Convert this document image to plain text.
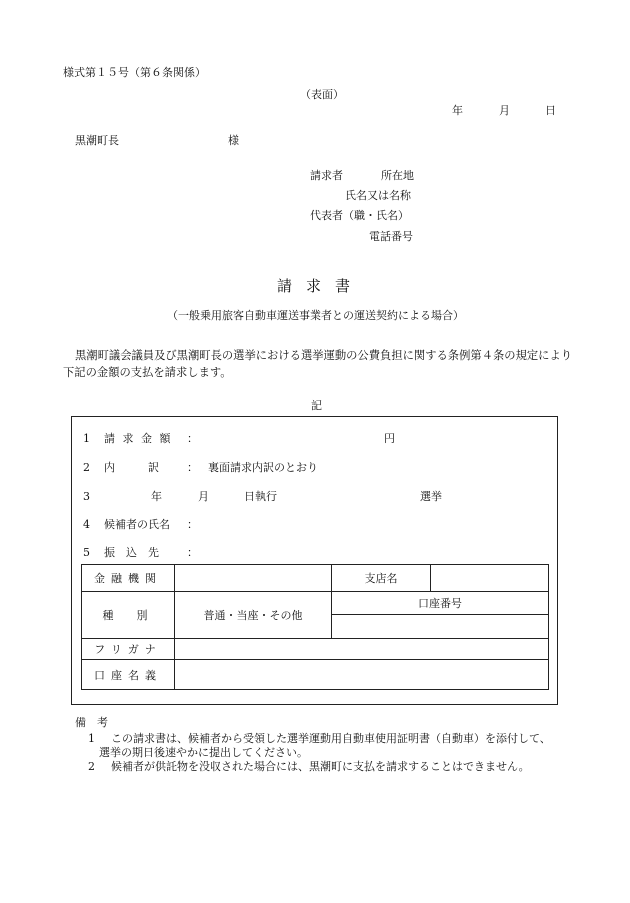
様式第１５号（第６条関係）
（表面）
年	月	日
黒潮町長	様
請求者	所在地
氏名又は名称
代表者（職・氏名）
電話番号
請求書
（一般乗用旅客自動車運送事業者との運送契約による場合）
黒潮町議会議員及び黒潮町長の選挙における選挙運動の公費負担に関する条例第４条の規定により下記の金額の支払を請求します。
記
1 請 求 金 額 ：	円
2 内　　　訳	： 裏面請求内訳のとおり
3	年	月	日執行	選挙
4 候補者の氏名 ：
5 振　込　先	：
金融機関		支店名	
種　別	普通・当座・その他	口座番号	

フリガナ			
口座名義			
備　考
1 この請求書は、候補者から受領した選挙運動用自動車使用証明書（自動車）を添付して、
選挙の期日後速やかに提出してください。
2 候補者が供託物を没収された場合には、黒潮町に支払を請求することはできません。
